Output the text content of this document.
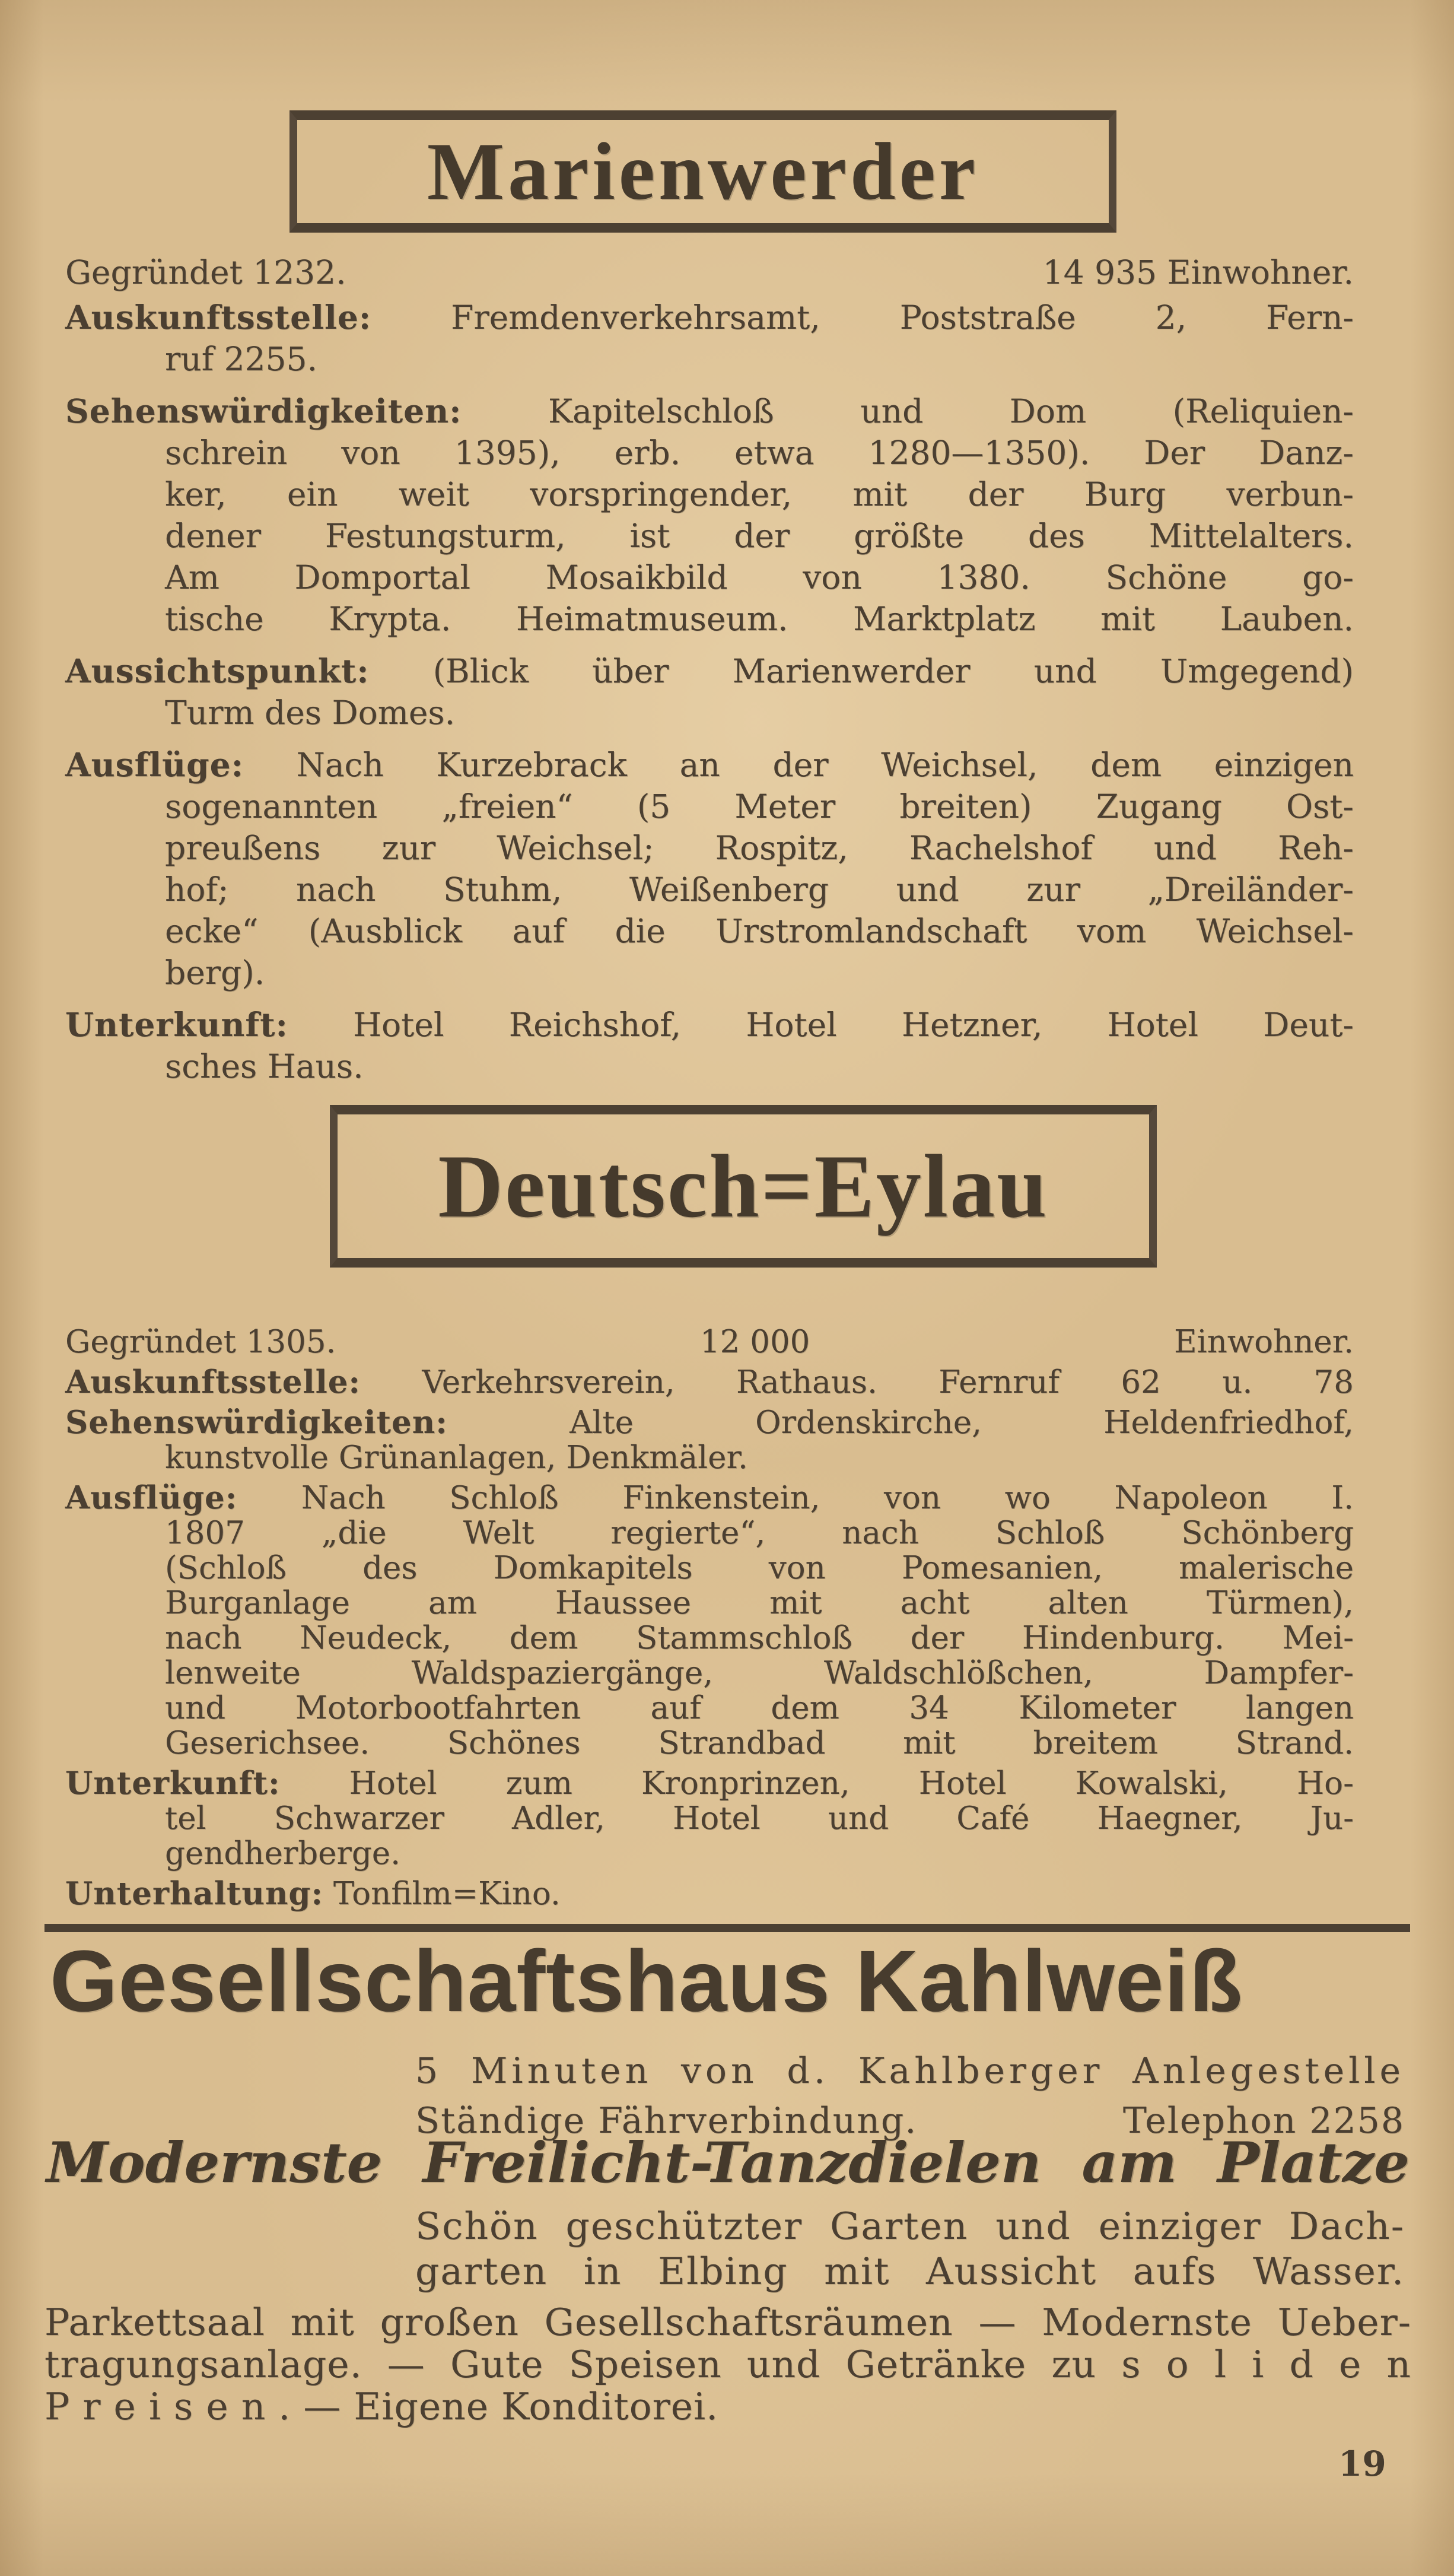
Marienwerder
Gegründet 1232.	14 935 Einwohner.

Auskunftsstelle: Fremdenverkehrsamt, Poststraße 2, Fern-
ruf 2255.

Sehenswürdigkeiten:	Kapitelschloß und Dom (Reliquien-
schrein von 1395), erb. etwa 1280—1350). Der Danz-
ker, ein weit vorspringender, mit der Burg verbun-
dener Festungsturm, ist der größte des Mittelalters.
Am Domportal Mosaikbild von 1380. Schöne go-
tische Krypta. Heimatmuseum. Marktplatz mit Lauben.

Aussichtspunkt: (Blick über Marienwerder und Umgegend)
Turm des Domes.

Ausflüge: Nach Kurzebrack an der Weichsel, dem einzigen
sogenannten „freien“ (5 Meter breiten) Zugang Ost-
preußens zur Weichsel; Rospitz, Rachelshof und Reh-
hof; nach Stuhm, Weißenberg und zur „Dreiländer-
ecke“ (Ausblick auf die Urstromlandschaft vom Weichsel-
berg).

Unterkunft: Hotel Reichshof, Hotel Hetzner, Hotel Deut-
sches Haus.

Deutsch=Eylau
Gegründet 1305.	12 000	Einwohner.

Auskunftsstelle: Verkehrsverein, Rathaus. Fernruf 62 u. 78

Sehenswürdigkeiten:	Alte Ordenskirche, Heldenfriedhof,
kunstvolle Grünanlagen, Denkmäler.

Ausflüge: Nach Schloß Finkenstein, von wo Napoleon I.
1807 „die Welt regierte“, nach Schloß Schönberg
(Schloß des Domkapitels von Pomesanien, malerische
Burganlage am Haussee mit acht alten Türmen),
nach Neudeck, dem Stammschloß der Hindenburg. Mei-
lenweite Waldspaziergänge, Waldschlößchen, Dampfer-
und Motorbootfahrten auf dem 34 Kilometer langen
Geserichsee. Schönes Strandbad mit breitem Strand.

Unterkunft: Hotel zum Kronprinzen, Hotel Kowalski, Ho-
tel Schwarzer Adler, Hotel und Café Haegner, Ju-
gendherberge.

Unterhaltung: Tonfilm=Kino.

Gesellschaftshaus Kahlweiß
5 Minuten von d. Kahlberger Anlegestelle
Ständige Fährverbindung.	Telephon 2258
Modernste Freilicht-Tanzdielen am Platze
Schön geschützter Garten und einziger Dach-
garten in Elbing mit Aussicht aufs Wasser.
Parkettsaal mit großen Gesellschaftsräumen — Modernste Ueber-
tragungsanlage. — Gute Speisen und Getränke zu s o l i d e n
P r e i s e n . — Eigene Konditorei.
19
